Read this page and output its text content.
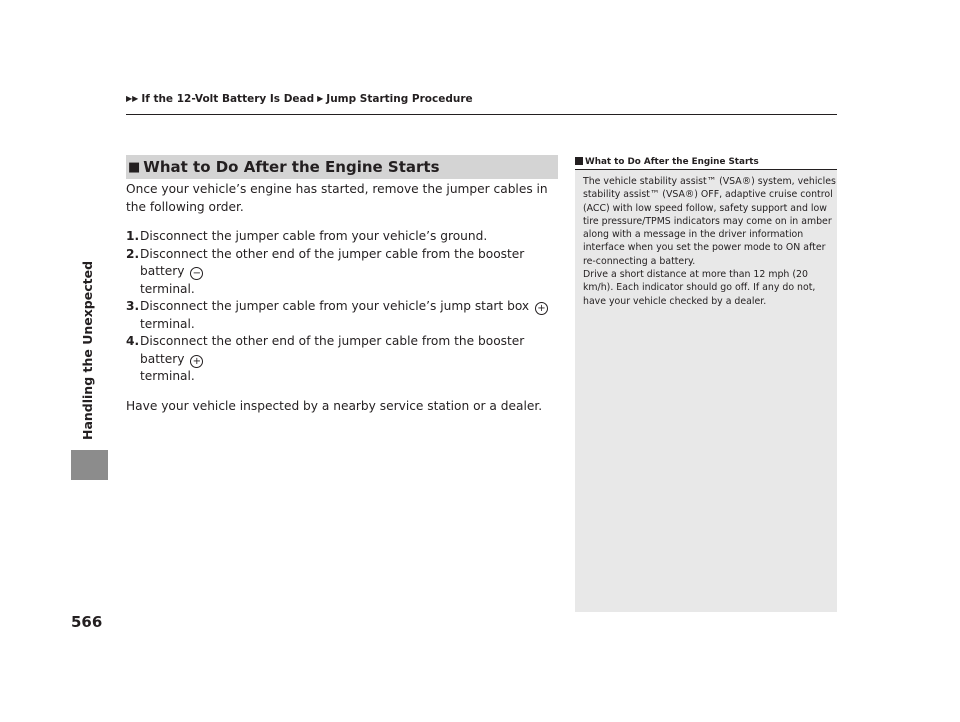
▶▶ If the 12-Volt Battery Is Dead ▶ Jump Starting Procedure
Handling the Unexpected
■ What to Do After the Engine Starts

Once your vehicle’s engine has started, remove the jumper cables in the following order.

1. Disconnect the jumper cable from your vehicle’s ground.
2. Disconnect the other end of the jumper cable from the booster battery −
terminal.
3. Disconnect the jumper cable from your vehicle’s jump start box + terminal.
4. Disconnect the other end of the jumper cable from the booster battery +
terminal.

Have your vehicle inspected by a nearby service station or a dealer.

What to Do After the Engine Starts

The vehicle stability assist™ (VSA®) system, vehicles stability assist™ (VSA®) OFF, adaptive cruise control (ACC) with low speed follow, safety support and low tire pressure/TPMS indicators may come on in amber along with a message in the driver information interface when you set the power mode to ON after re-connecting a battery.

Drive a short distance at more than 12 mph (20 km/h). Each indicator should go off. If any do not, have your vehicle checked by a dealer.

566
